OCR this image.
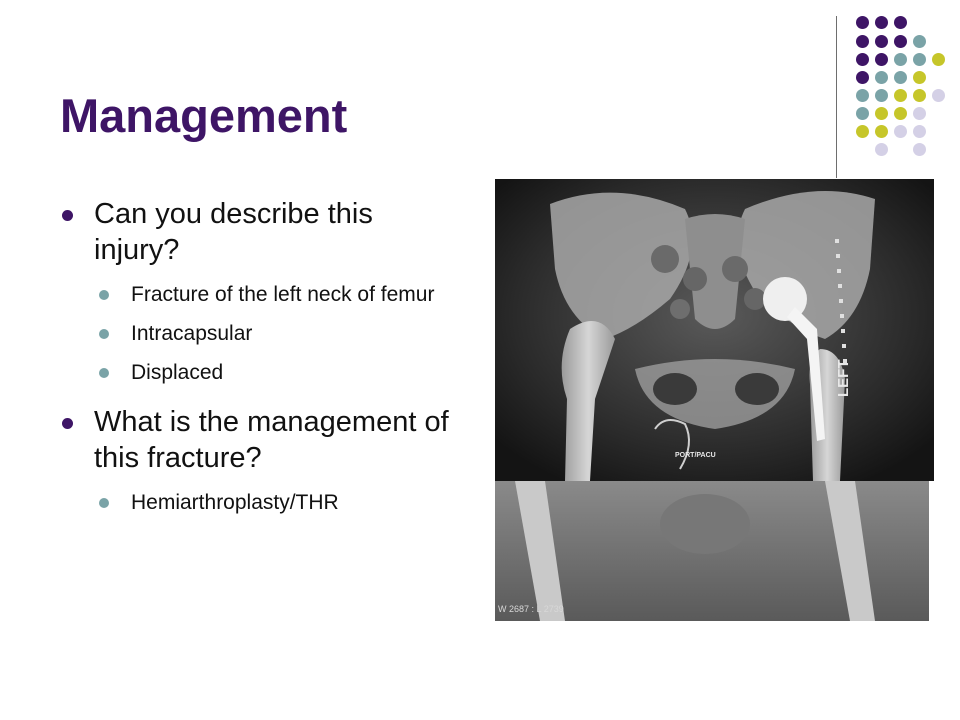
Management
Can you describe this injury?
Fracture of the left neck of femur
Intracapsular
Displaced
What is the management of this fracture?
Hemiarthroplasty/THR
PORT/PACU
LEFT
W 2687 : L 2739
